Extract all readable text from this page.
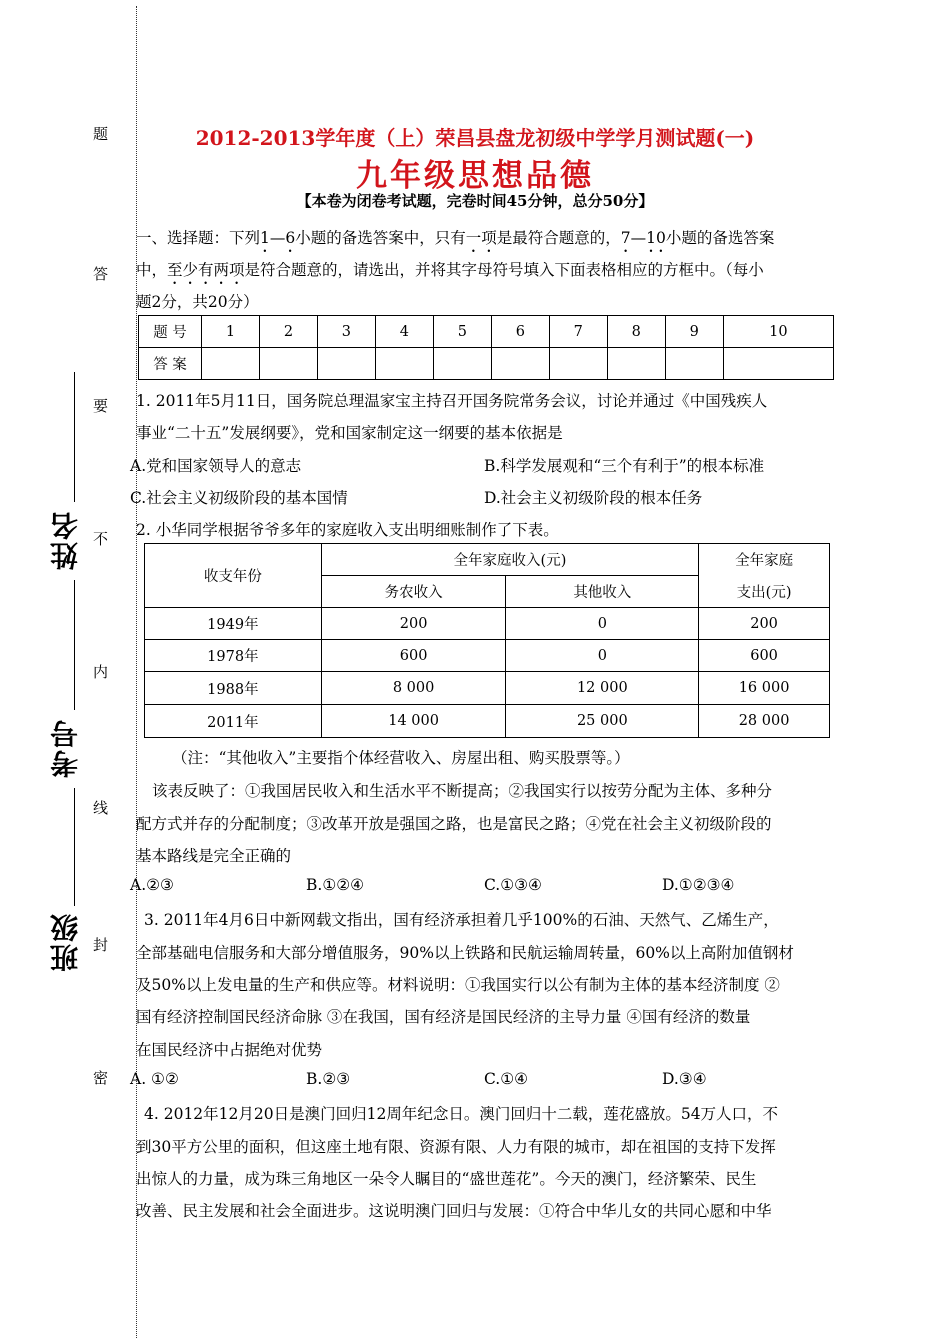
题
答
要
不
内
线
封
密
姓名
考号
班级
2012-2013学年度（上）荣昌县盘龙初级中学学月测试题(一)
九年级思想品德
【本卷为闭卷考试题，完卷时间45分钟，总分50分】
一、选择题：下列1—6小题的备选答案中，只有一项是最符合题意的，7—10小题的备选答案
中，至少有两项是符合题意的，请选出，并将其字母符号填入下面表格相应的方框中。（每小
题2分，共20分）
题 号	1	2	3	4	5	6	7	8	9	10
答 案										
1. 2011年5月11日，国务院总理温家宝主持召开国务院常务会议，讨论并通过《中国残疾人
事业“二十五”发展纲要》，党和国家制定这一纲要的基本依据是
A.党和国家领导人的意志	B.科学发展观和“三个有利于”的根本标准
C.社会主义初级阶段的基本国情	D.社会主义初级阶段的根本任务
2. 小华同学根据爷爷多年的家庭收入支出明细账制作了下表。
收支年份	全年家庭收入(元)		全年家庭
	务农收入	其他收入	支出(元)
1949年	200	0	200
1978年	600	0	600
1988年	8 000	12 000	16 000
2011年	14 000	25 000	28 000
（注：“其他收入”主要指个体经营收入、房屋出租、购买股票等。）
该表反映了：①我国居民收入和生活水平不断提高；②我国实行以按劳分配为主体、多种分
配方式并存的分配制度；③改革开放是强国之路，也是富民之路；④党在社会主义初级阶段的
基本路线是完全正确的
A.②③	B.①②④	C.①③④	D.①②③④
3. 2011年4月6日中新网载文指出，国有经济承担着几乎100%的石油、天然气、乙烯生产，
全部基础电信服务和大部分增值服务，90%以上铁路和民航运输周转量，60%以上高附加值钢材
及50%以上发电量的生产和供应等。材料说明：①我国实行以公有制为主体的基本经济制度 ②
国有经济控制国民经济命脉 ③在我国，国有经济是国民经济的主导力量 ④国有经济的数量
在国民经济中占据绝对优势
A. ①②	B.②③	C.①④	D.③④
4. 2012年12月20日是澳门回归12周年纪念日。澳门回归十二载，莲花盛放。54万人口，不
到30平方公里的面积，但这座土地有限、资源有限、人力有限的城市，却在祖国的支持下发挥
出惊人的力量，成为珠三角地区一朵令人瞩目的“盛世莲花”。今天的澳门，经济繁荣、民生
改善、民主发展和社会全面进步。这说明澳门回归与发展：①符合中华儿女的共同心愿和中华
